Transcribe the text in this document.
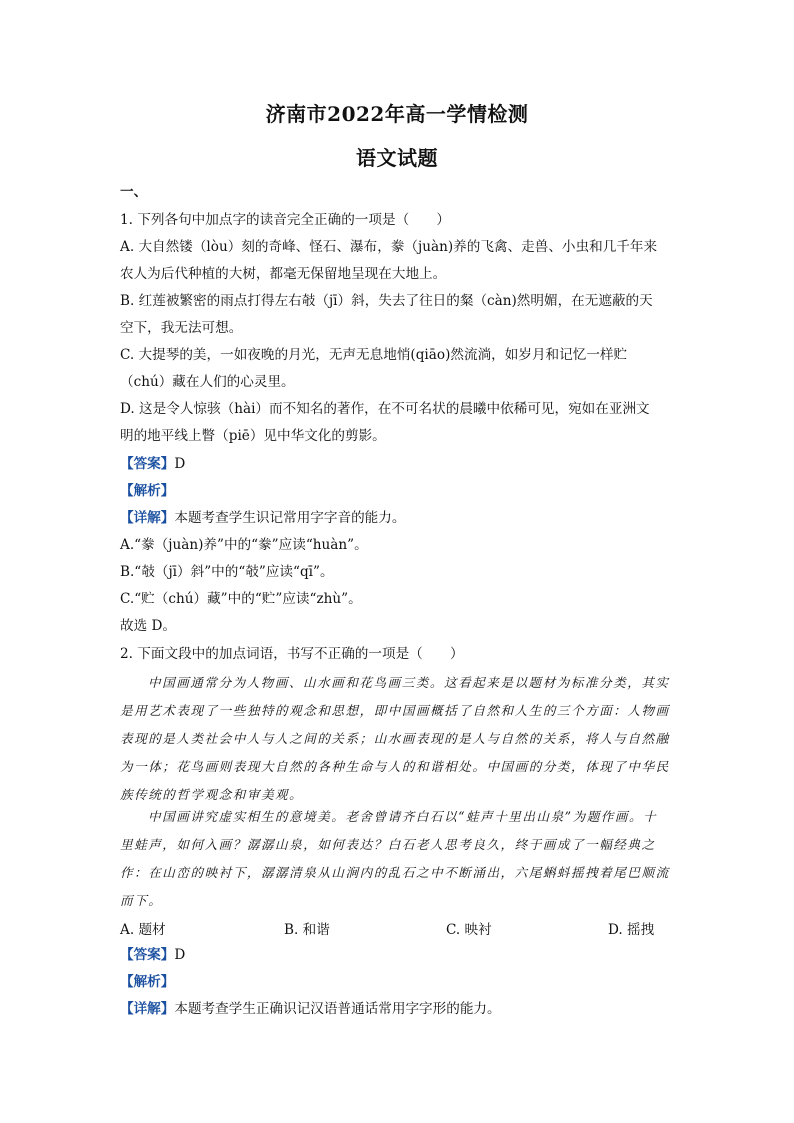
济南市2022年高一学情检测
语文试题
一、
1. 下列各句中加点字的读音完全正确的一项是（　　）
A. 大自然镂（lòu）刻的奇峰、怪石、瀑布，豢（juàn)养的飞禽、走兽、小虫和几千年来
农人为后代种植的大树，都毫无保留地呈现在大地上。
B. 红莲被繁密的雨点打得左右攲（jī）斜，失去了往日的粲（càn)然明媚，在无遮蔽的天
空下，我无法可想。
C. 大提琴的美，一如夜晚的月光，无声无息地悄(qiāo)然流淌，如岁月和记忆一样贮
（chú）藏在人们的心灵里。
D. 这是令人惊骇（hài）而不知名的著作，在不可名状的晨曦中依稀可见，宛如在亚洲文
明的地平线上瞥（piē）见中华文化的剪影。
【答案】D
【解析】
【详解】本题考查学生识记常用字字音的能力。
A.“豢（juàn)养”中的“豢”应读“huàn”。
B.“攲（jī）斜”中的“攲”应读“qī”。
C.“贮（chú）藏”中的“贮”应读“zhù”。
故选 D。
2. 下面文段中的加点词语，书写不正确的一项是（　　）
中国画通常分为人物画、山水画和花鸟画三类。这看起来是以题材为标准分类，其实
是用艺术表现了一些独特的观念和思想，即中国画概括了自然和人生的三个方面：人物画
表现的是人类社会中人与人之间的关系；山水画表现的是人与自然的关系，将人与自然融
为一体；花鸟画则表现大自然的各种生命与人的和谐相处。中国画的分类，体现了中华民
族传统的哲学观念和审美观。
中国画讲究虚实相生的意境美。老舍曾请齐白石以“蛙声十里出山泉”为题作画。十
里蛙声，如何入画？潺潺山泉，如何表达？白石老人思考良久，终于画成了一幅经典之
作：在山峦的映衬下，潺潺清泉从山涧内的乱石之中不断涌出，六尾蝌蚪摇拽着尾巴顺流
而下。
A. 题材	B. 和谐	C. 映衬	D. 摇拽
【答案】D
【解析】
【详解】本题考查学生正确识记汉语普通话常用字字形的能力。
